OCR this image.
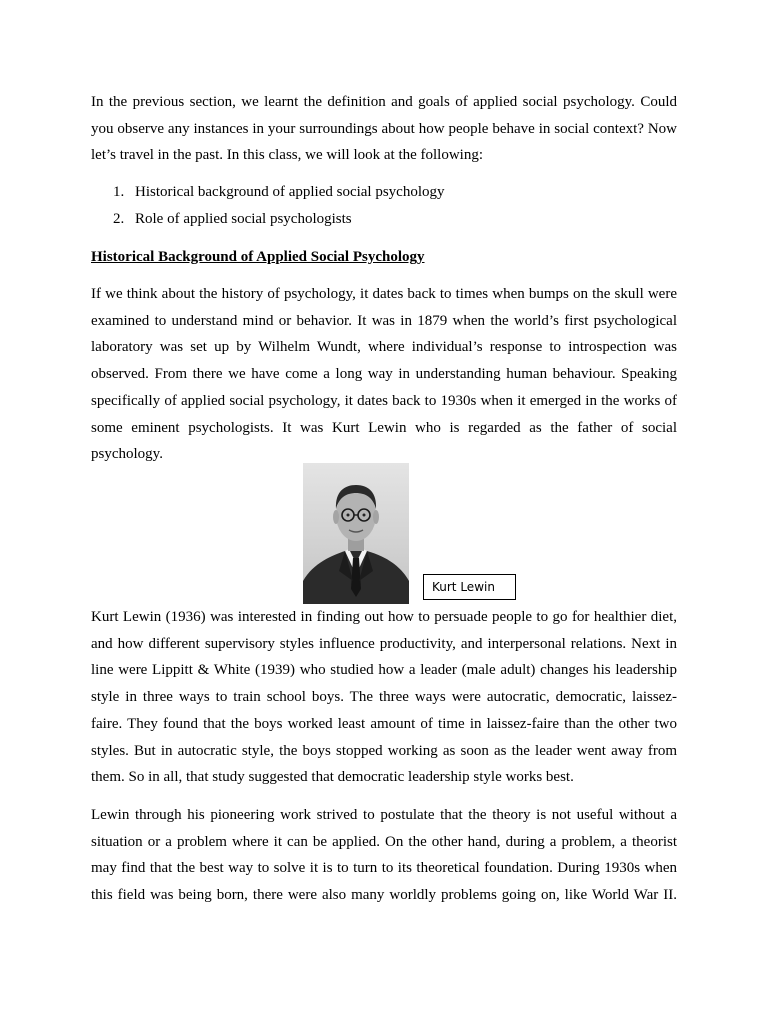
In the previous section, we learnt the definition and goals of applied social psychology. Could you observe any instances in your surroundings about how people behave in social context? Now let’s travel in the past. In this class, we will look at the following:

1. Historical background of applied social psychology
2. Role of applied social psychologists
Historical Background of Applied Social Psychology

If we think about the history of psychology, it dates back to times when bumps on the skull were examined to understand mind or behavior. It was in 1879 when the world’s first psychological laboratory was set up by Wilhelm Wundt, where individual’s response to introspection was observed. From there we have come a long way in understanding human behaviour. Speaking specifically of applied social psychology, it dates back to 1930s when it emerged in the works of some eminent psychologists. It was Kurt Lewin who is regarded as the father of social psychology.

Kurt Lewin

Kurt Lewin (1936) was interested in finding out how to persuade people to go for healthier diet, and how different supervisory styles influence productivity, and interpersonal relations. Next in line were Lippitt & White (1939) who studied how a leader (male adult) changes his leadership style in three ways to train school boys. The three ways were autocratic, democratic, laissez-faire. They found that the boys worked least amount of time in laissez-faire than the other two styles. But in autocratic style, the boys stopped working as soon as the leader went away from them. So in all, that study suggested that democratic leadership style works best.

Lewin through his pioneering work strived to postulate that the theory is not useful without a situation or a problem where it can be applied. On the other hand, during a problem, a theorist may find that the best way to solve it is to turn to its theoretical foundation. During 1930s when this field was being born, there were also many worldly problems going on, like World War II.
